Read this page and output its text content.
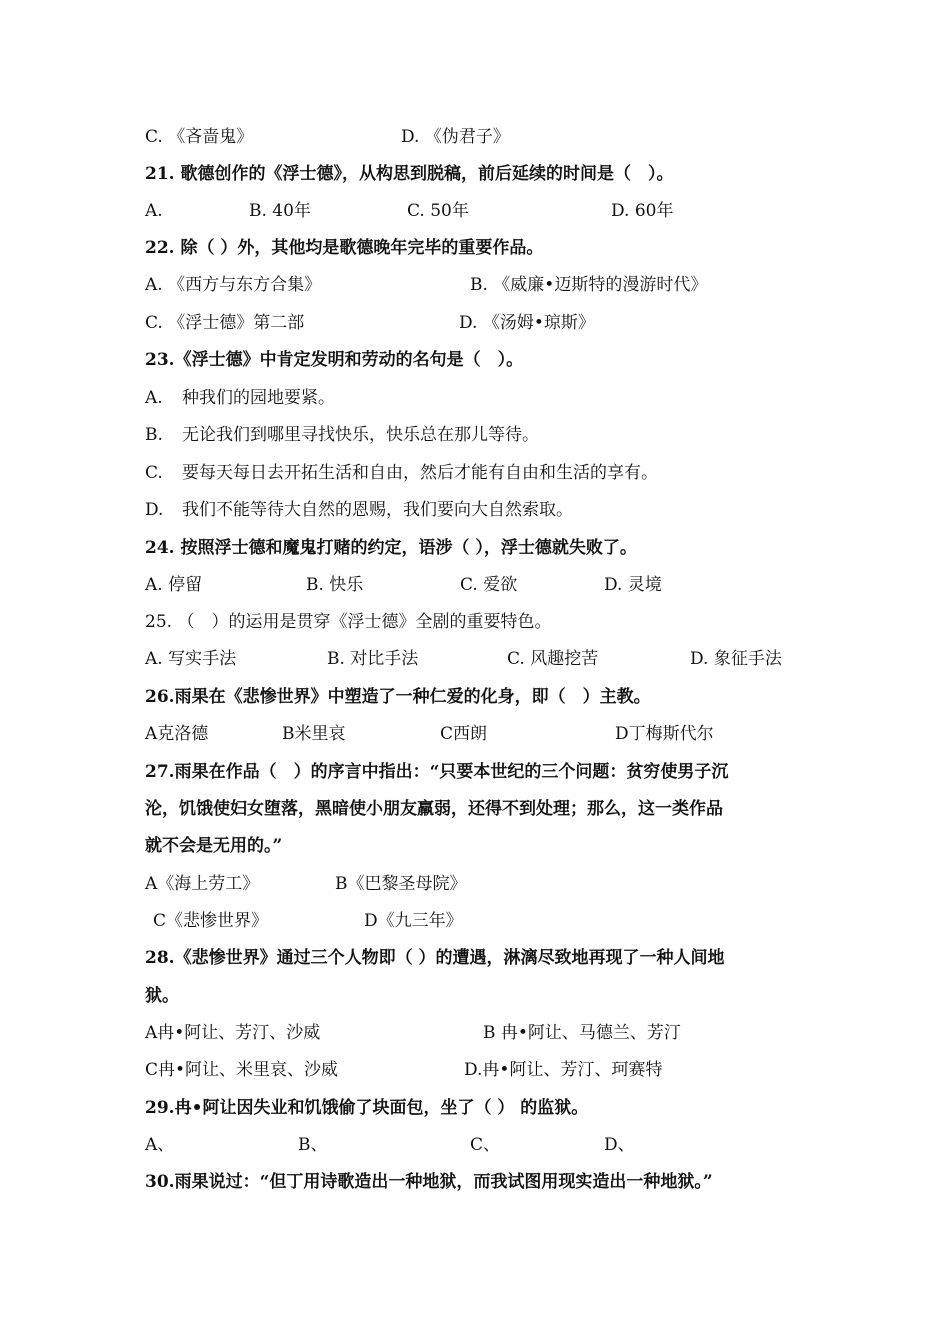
C. 《吝啬鬼》	D. 《伪君子》
21. 歌德创作的《浮士德》，从构思到脱稿，前后延续的时间是（　）。
A.	B. 40年	C. 50年	D. 60年
22. 除（ ）外，其他均是歌德晚年完毕的重要作品。
A. 《西方与东方合集》	B. 《威廉•迈斯特的漫游时代》
C. 《浮士德》第二部	D. 《汤姆•琼斯》
23.《浮士德》中肯定发明和劳动的名句是（　）。
A. 种我们的园地要紧。
B. 无论我们到哪里寻找快乐，快乐总在那儿等待。
C. 要每天每日去开拓生活和自由，然后才能有自由和生活的享有。
D. 我们不能等待大自然的恩赐，我们要向大自然索取。
24. 按照浮士德和魔鬼打赌的约定，语涉（ ），浮士德就失败了。
A. 停留	B. 快乐	C. 爱欲	D. 灵境
25. （　）的运用是贯穿《浮士德》全剧的重要特色。
A. 写实手法	B. 对比手法	C. 风趣挖苦	D. 象征手法
26.雨果在《悲惨世界》中塑造了一种仁爱的化身，即（　）主教。
A克洛德	B米里哀	C西朗	D丁梅斯代尔
27.雨果在作品（　）的序言中指出：“只要本世纪的三个问题：贫穷使男子沉
沦，饥饿使妇女堕落，黑暗使小朋友羸弱，还得不到处理；那么，这一类作品
就不会是无用的。”
A《海上劳工》	B《巴黎圣母院》
C《悲惨世界》	D《九三年》
28.《悲惨世界》通过三个人物即（ ）的遭遇，淋漓尽致地再现了一种人间地
狱。
A冉•阿让、芳汀、沙威	B 冉•阿让、马德兰、芳汀
C冉•阿让、米里哀、沙威	D.冉•阿让、芳汀、珂赛特
29.冉•阿让因失业和饥饿偷了块面包，坐了（ ） 的监狱。
A、	B、	C、	D、
30.雨果说过：“但丁用诗歌造出一种地狱，而我试图用现实造出一种地狱。”
